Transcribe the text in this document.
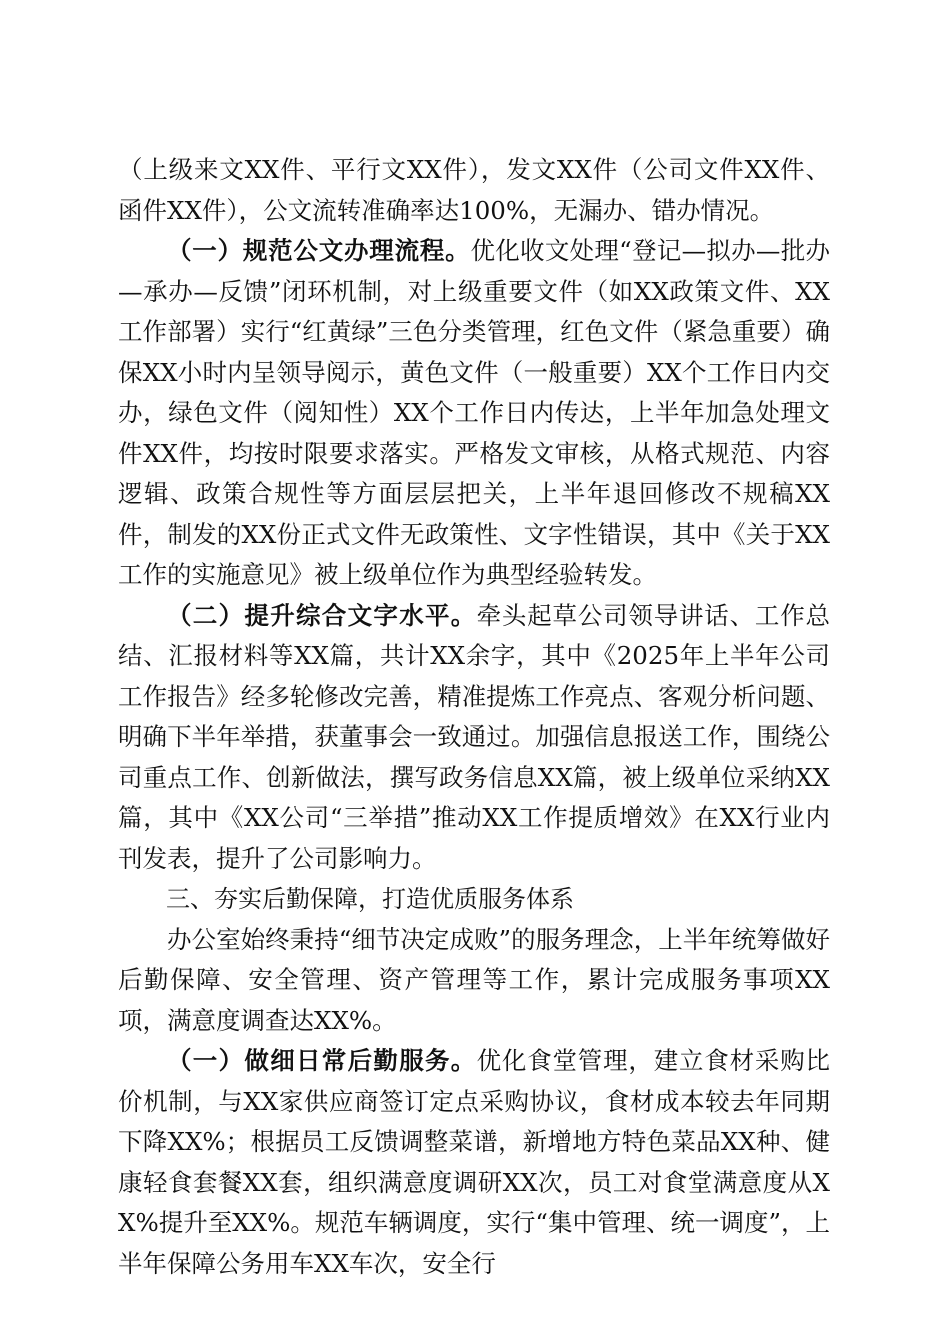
（上级来文XX件、平行文XX件），发文XX件（公司文件XX件、函件XX件），公文流转准确率达100%，无漏办、错办情况。

（一）规范公文办理流程。优化收文处理“登记—拟办—批办—承办—反馈”闭环机制，对上级重要文件（如XX政策文件、XX工作部署）实行“红黄绿”三色分类管理，红色文件（紧急重要）确保XX小时内呈领导阅示，黄色文件（一般重要）XX个工作日内交办，绿色文件（阅知性）XX个工作日内传达，上半年加急处理文件XX件，均按时限要求落实。严格发文审核，从格式规范、内容逻辑、政策合规性等方面层层把关，上半年退回修改不规稿XX件，制发的XX份正式文件无政策性、文字性错误，其中《关于XX工作的实施意见》被上级单位作为典型经验转发。

（二）提升综合文字水平。牵头起草公司领导讲话、工作总结、汇报材料等XX篇，共计XX余字，其中《2025年上半年公司工作报告》经多轮修改完善，精准提炼工作亮点、客观分析问题、明确下半年举措，获董事会一致通过。加强信息报送工作，围绕公司重点工作、创新做法，撰写政务信息XX篇，被上级单位采纳XX篇，其中《XX公司“三举措”推动XX工作提质增效》在XX行业内刊发表，提升了公司影响力。

三、夯实后勤保障，打造优质服务体系

办公室始终秉持“细节决定成败”的服务理念，上半年统筹做好后勤保障、安全管理、资产管理等工作，累计完成服务事项XX项，满意度调查达XX%。

（一）做细日常后勤服务。优化食堂管理，建立食材采购比价机制，与XX家供应商签订定点采购协议，食材成本较去年同期下降XX%；根据员工反馈调整菜谱，新增地方特色菜品XX种、健康轻食套餐XX套，组织满意度调研XX次，员工对食堂满意度从XX%提升至XX%。规范车辆调度，实行“集中管理、统一调度”，上半年保障公务用车XX车次，安全行
